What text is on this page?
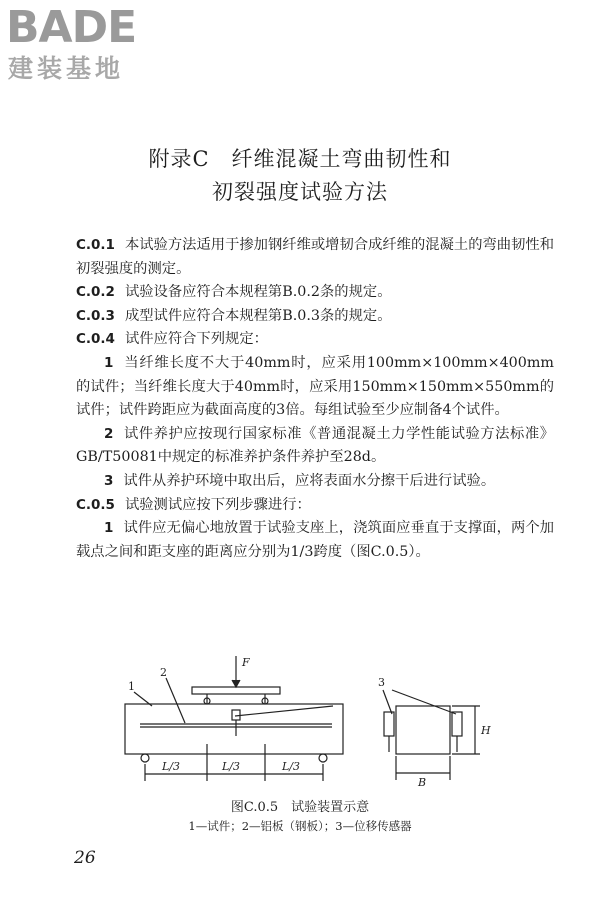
BADE
建装基地
附录C　纤维混凝土弯曲韧性和
初裂强度试验方法

C.0.1 本试验方法适用于掺加钢纤维或增韧合成纤维的混凝土的弯曲韧性和初裂强度的测定。

C.0.2 试验设备应符合本规程第B.0.2条的规定。

C.0.3 成型试件应符合本规程第B.0.3条的规定。

C.0.4 试件应符合下列规定：

1 当纤维长度不大于40mm时，应采用100mm×100mm×400mm的试件；当纤维长度大于40mm时，应采用150mm×150mm×550mm的试件；试件跨距应为截面高度的3倍。每组试验至少应制备4个试件。

2 试件养护应按现行国家标准《普通混凝土力学性能试验方法标准》GB/T50081中规定的标准养护条件养护至28d。

3 试件从养护环境中取出后，应将表面水分擦干后进行试验。

C.0.5 试验测试应按下列步骤进行：

1 试件应无偏心地放置于试验支座上，浇筑面应垂直于支撑面，两个加载点之间和距支座的距离应分别为1/3跨度（图C.0.5）。

F
1
2
3
L/3	L/3	L/3
H
B
图C.0.5　试验装置示意
1—试件；2—铝板（钢板）；3—位移传感器
26
